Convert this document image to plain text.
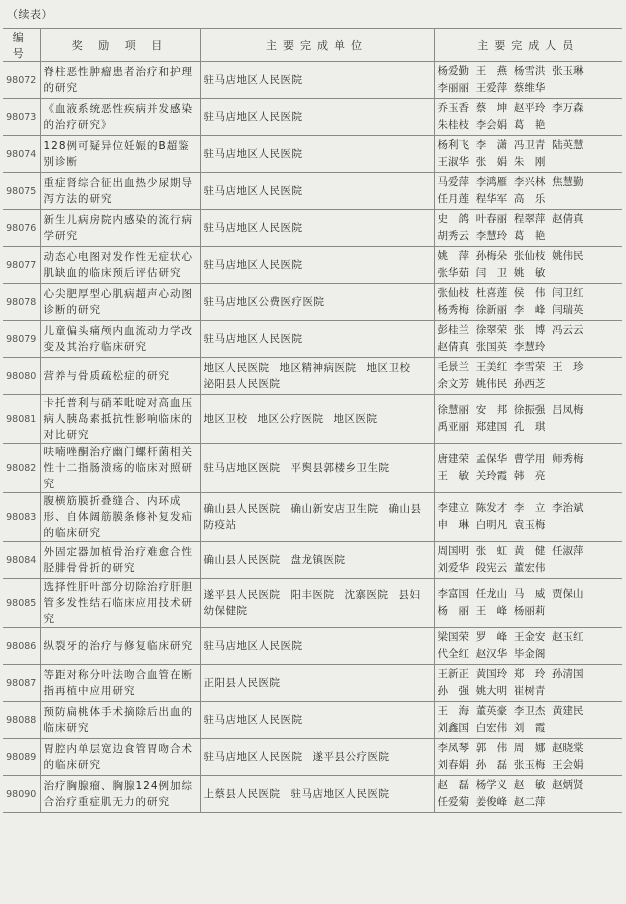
（续表）
编 号	奖 励 项 目	主要完成单位	主要完成人员
98072	脊柱恶性肿瘤患者治疗和护理的研究	驻马店地区人民医院	杨爱勤 王　燕 杨雪洪 张玉琳
李丽丽 王爱萍 蔡维华

98073	《血液系统恶性疾病并发感染的治疗研究》	驻马店地区人民医院	乔玉香 蔡　坤 赵平玲 李万森
朱桂枝 李会娟 葛　艳

98074	128例可疑异位妊娠的B超鉴别诊断	驻马店地区人民医院	杨利飞 李　潇 冯卫青 陆英慧
王淑华 张　娟 朱　刚

98075	重症肾综合征出血热少尿期导泻方法的研究	驻马店地区人民医院	马爱萍 李鸿雁 李兴林 焦慧勤
任月莲 程华军 高　乐

98076	新生儿病房院内感染的流行病学研究	驻马店地区人民医院	史　鸽 叶春丽 程翠萍 赵倩真
胡秀云 李慧玲 葛　艳

98077	动态心电图对发作性无症状心肌缺血的临床预后评估研究	驻马店地区人民医院	姚　萍 孙梅朵 张仙枝 姚伟民
张华茹 闫　卫 姚　敏

98078	心尖肥厚型心肌病超声心动图诊断的研究	驻马店地区公费医疗医院	张仙枝 杜喜莲 侯　伟 闫卫红
杨秀梅 徐新丽 李　峰 闫瑞英

98079	儿童偏头痛颅内血流动力学改变及其治疗临床研究	驻马店地区人民医院	彭桂兰 徐翠荣 张　博 冯云云
赵倩真 张国英 李慧玲

98080	营养与骨质疏松症的研究	地区人民医院 地区精神病医院 地区卫校泌阳县人民医院	毛景兰 王美红 李雪荣 王　珍
余文芳 姚伟民 孙西芝

98081	卡托普利与硝苯吡啶对高血压病人胰岛素抵抗性影响临床的对比研究	地区卫校 地区公疗医院 地区医院	徐慧丽 安　邦 徐振强 吕凤梅
禹亚丽 郑建国 孔　琪

98082	呋喃唑酮治疗幽门螺杆菌相关性十二指肠溃疡的临床对照研究	驻马店地区医院 平舆县郭楼乡卫生院	唐建荣 孟保华 曹学用 师秀梅
王　敏 关玲霞 韩　亮

98083	腹横筋膜折叠缝合、内环成形、自体阔筋膜条修补复发疝的临床研究	确山县人民医院 确山新安店卫生院 确山县防疫站	李建立 陈发才 李　立 李治斌
申　琳 白明凡 袁玉梅

98084	外固定器加植骨治疗难愈合性胫腓骨骨折的研究	确山县人民医院 盘龙镇医院	周国明 张　虹 黄　健 任淑萍
刘爱华 段宪云 董宏伟

98085	选择性肝叶部分切除治疗肝胆管多发性结石临床应用技术研究	遂平县人民医院 阳丰医院 沈寨医院 县妇幼保健院	李富国 任龙山 马　威 贾保山
杨　丽 王　峰 杨丽莉

98086	纵裂牙的治疗与修复临床研究	驻马店地区人民医院	梁国荣 罗　峰 王金安 赵玉红
代全红 赵汉华 毕金阁

98087	等距对称分叶法吻合血管在断指再植中应用研究	正阳县人民医院	王新正 黄国玲 郑　玲 孙清国
孙　强 姚大明 崔树青

98088	预防扁桃体手术摘除后出血的临床研究	驻马店地区人民医院	王　海 董英豪 李卫杰 黄建民
刘鑫国 白宏伟 刘　霞

98089	胃腔内单层宽边食管胃吻合术的临床研究	驻马店地区人民医院 遂平县公疗医院	李凤琴 郭　伟 周　娜 赵晓棠
刘春娟 孙　磊 张玉梅 王会娟

98090	治疗胸腺瘤、胸腺124例加综合治疗重症肌无力的研究	上蔡县人民医院 驻马店地区人民医院	赵　磊 杨学义 赵　敏 赵炳贤
任爱菊 姜俊峰 赵二萍
